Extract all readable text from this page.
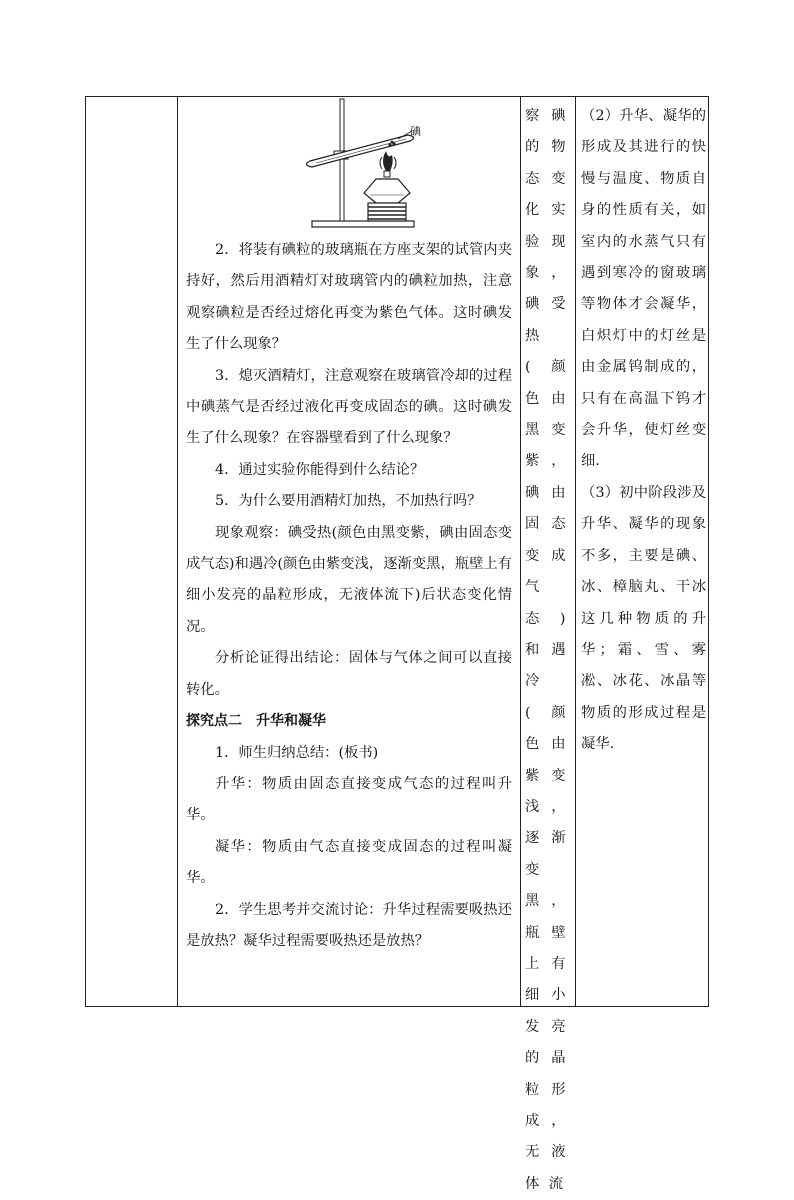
碘

2．将装有碘粒的玻璃瓶在方座支架的试管内夹持好，然后用酒精灯对玻璃管内的碘粒加热，注意观察碘粒是否经过熔化再变为紫色气体。这时碘发生了什么现象？

3．熄灭酒精灯，注意观察在玻璃管冷却的过程中碘蒸气是否经过液化再变成固态的碘。这时碘发生了什么现象？在容器壁看到了什么现象？

4．通过实验你能得到什么结论？

5．为什么要用酒精灯加热，不加热行吗？

现象观察：碘受热(颜色由黑变紫，碘由固态变成气态)和遇冷(颜色由紫变浅，逐渐变黑，瓶壁上有细小发亮的晶粒形成，无液体流下)后状态变化情况。

分析论证得出结论：固体与气体之间可以直接转化。

探究点二　升华和凝华

1．师生归纳总结：(板书)

升华：物质由固态直接变成气态的过程叫升华。

凝华：物质由气态直接变成固态的过程叫凝华。

2．学生思考并交流讨论：升华过程需要吸热还是放热？凝华过程需要吸热还是放热？

察碘的物态变化实验现象，碘受热(颜色由黑变紫，碘由固态变成气态)和遇冷(颜色由紫变浅，逐渐变黑，瓶壁上有细小发亮的晶粒形成，无液体流

（2）升华、凝华的形成及其进行的快慢与温度、物质自身的性质有关，如室内的水蒸气只有遇到寒冷的窗玻璃等物体才会凝华，白炽灯中的灯丝是由金属钨制成的，只有在高温下钨才会升华，使灯丝变细.

（3）初中阶段涉及升华、凝华的现象不多，主要是碘、冰、樟脑丸、干冰这几种物质的升华；霜、雪、雾凇、冰花、冰晶等物质的形成过程是凝华.
